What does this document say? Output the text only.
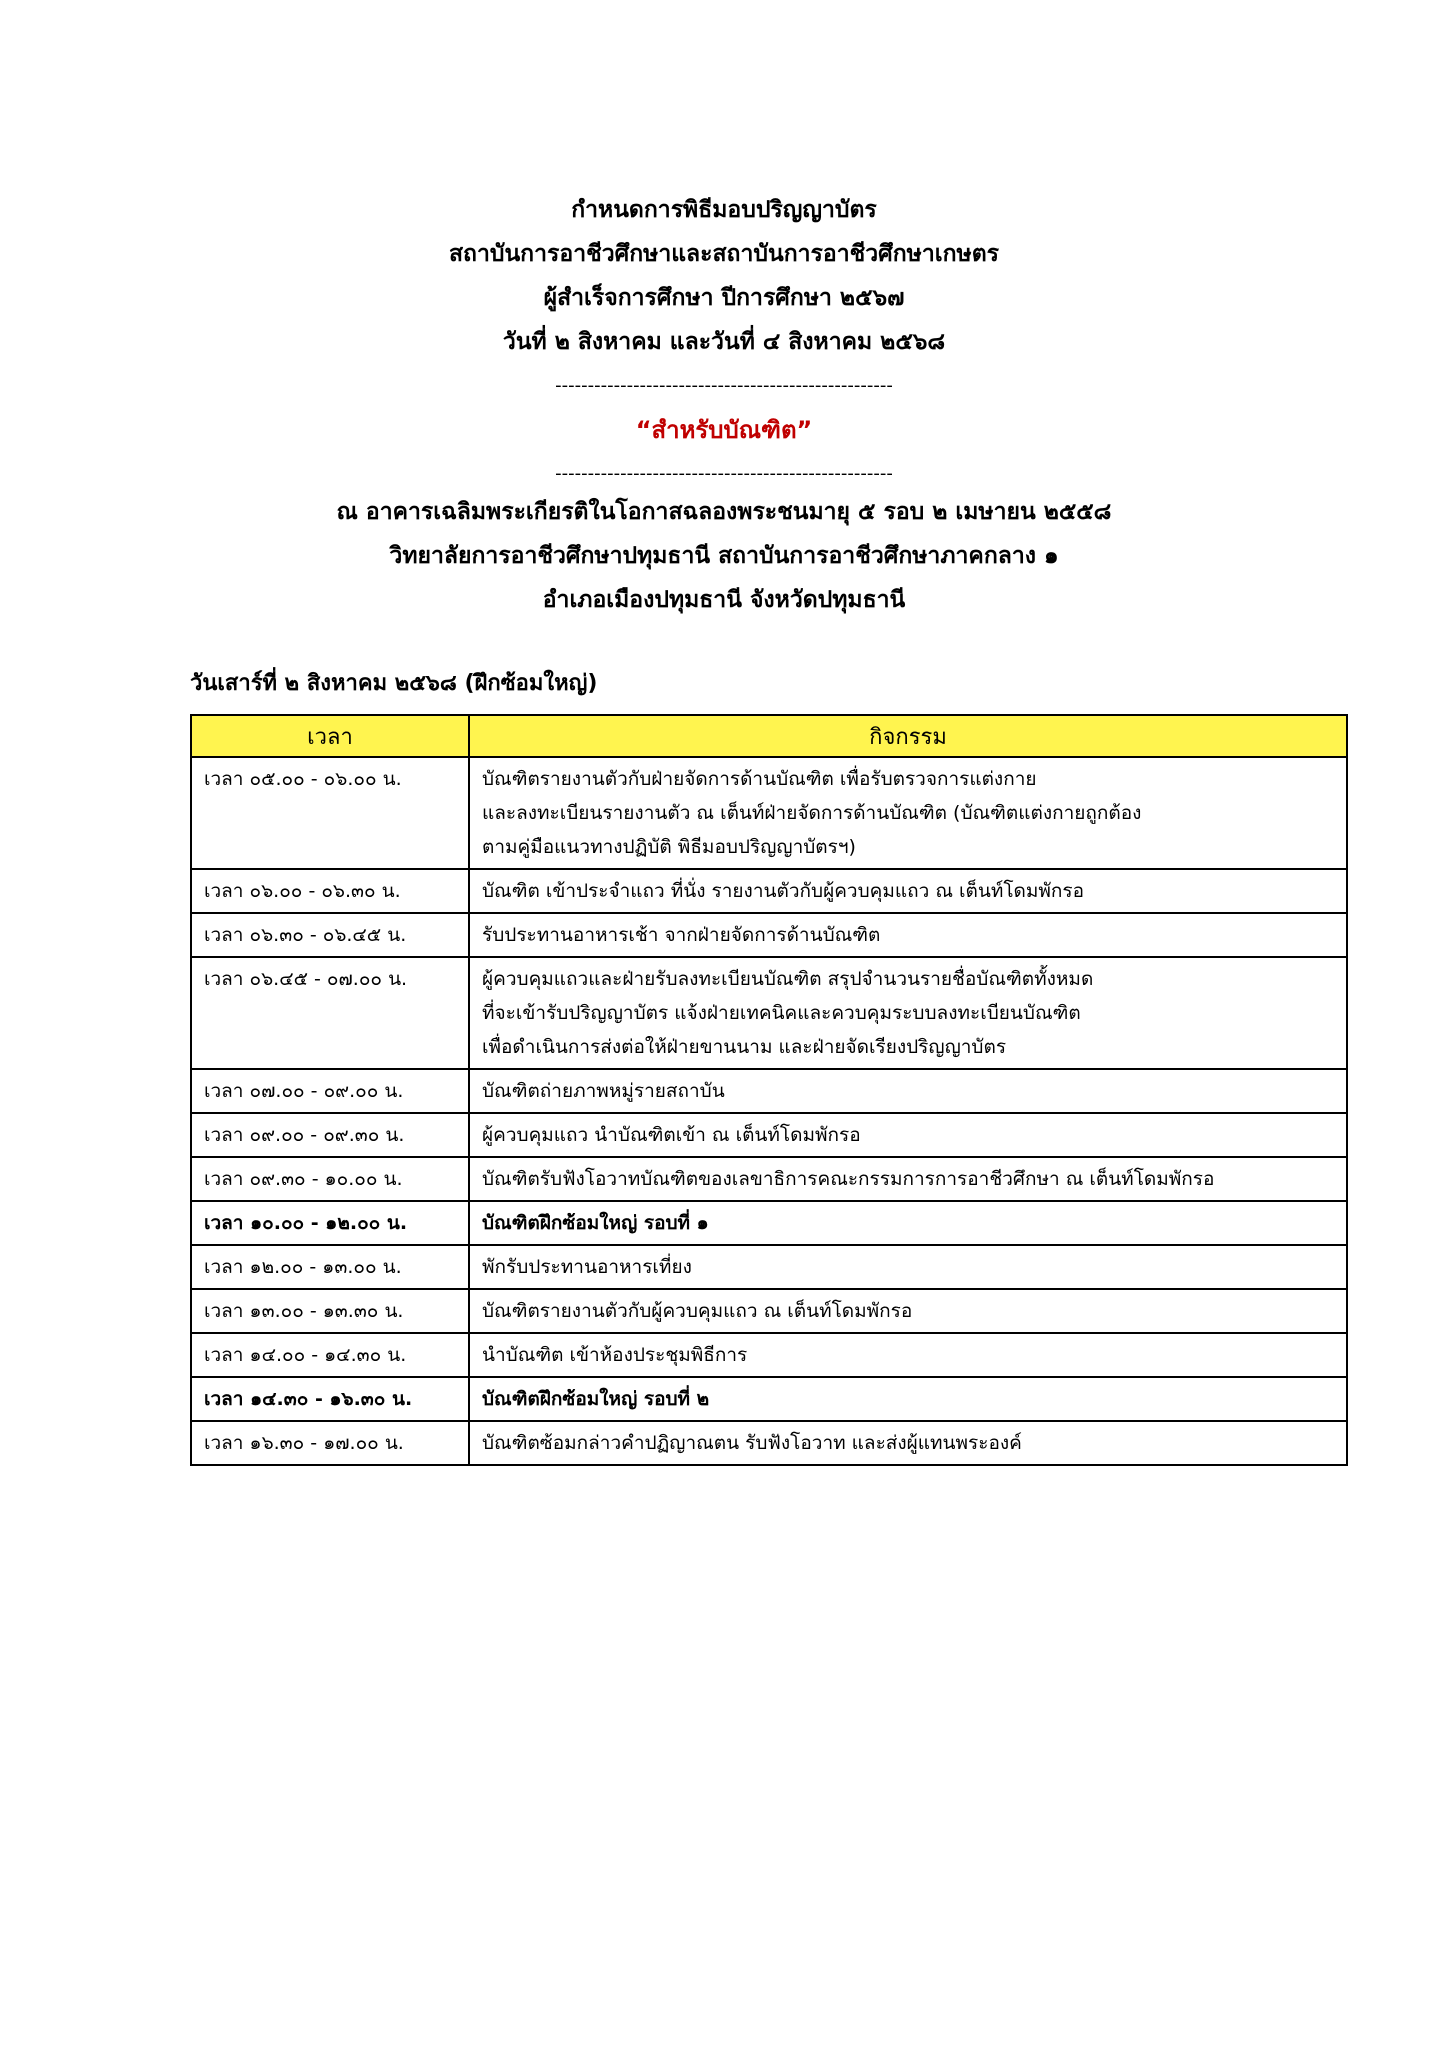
กำหนดการพิธีมอบปริญญาบัตร
สถาบันการอาชีวศึกษาและสถาบันการอาชีวศึกษาเกษตร
ผู้สำเร็จการศึกษา ปีการศึกษา ๒๕๖๗
วันที่ ๒ สิงหาคม และวันที่ ๔ สิงหาคม ๒๕๖๘
----------------------------------------------------
“สำหรับบัณฑิต”
----------------------------------------------------
ณ อาคารเฉลิมพระเกียรติในโอกาสฉลองพระชนมายุ ๕ รอบ ๒ เมษายน ๒๕๕๘
วิทยาลัยการอาชีวศึกษาปทุมธานี สถาบันการอาชีวศึกษาภาคกลาง ๑
อำเภอเมืองปทุมธานี จังหวัดปทุมธานี
วันเสาร์ที่ ๒ สิงหาคม ๒๕๖๘ (ฝึกซ้อมใหญ่)
เวลา	กิจกรรม
เวลา ๐๕.๐๐ - ๐๖.๐๐ น.	บัณฑิตรายงานตัวกับฝ่ายจัดการด้านบัณฑิต เพื่อรับตรวจการแต่งกาย
และลงทะเบียนรายงานตัว ณ เต็นท์ฝ่ายจัดการด้านบัณฑิต (บัณฑิตแต่งกายถูกต้อง
ตามคู่มือแนวทางปฏิบัติ พิธีมอบปริญญาบัตรฯ)

เวลา ๐๖.๐๐ - ๐๖.๓๐ น.	บัณฑิต เข้าประจำแถว ที่นั่ง รายงานตัวกับผู้ควบคุมแถว ณ เต็นท์โดมพักรอ

เวลา ๐๖.๓๐ - ๐๖.๔๕ น.	รับประทานอาหารเช้า จากฝ่ายจัดการด้านบัณฑิต

เวลา ๐๖.๔๕ - ๐๗.๐๐ น.	ผู้ควบคุมแถวและฝ่ายรับลงทะเบียนบัณฑิต สรุปจำนวนรายชื่อบัณฑิตทั้งหมด
ที่จะเข้ารับปริญญาบัตร แจ้งฝ่ายเทคนิคและควบคุมระบบลงทะเบียนบัณฑิต
เพื่อดำเนินการส่งต่อให้ฝ่ายขานนาม และฝ่ายจัดเรียงปริญญาบัตร

เวลา ๐๗.๐๐ - ๐๙.๐๐ น.	บัณฑิตถ่ายภาพหมู่รายสถาบัน

เวลา ๐๙.๐๐ - ๐๙.๓๐ น.	ผู้ควบคุมแถว นำบัณฑิตเข้า ณ เต็นท์โดมพักรอ

เวลา ๐๙.๓๐ - ๑๐.๐๐ น.	บัณฑิตรับฟังโอวาทบัณฑิตของเลขาธิการคณะกรรมการการอาชีวศึกษา ณ เต็นท์โดมพักรอ

เวลา ๑๐.๐๐ - ๑๒.๐๐ น.	บัณฑิตฝึกซ้อมใหญ่ รอบที่ ๑

เวลา ๑๒.๐๐ - ๑๓.๐๐ น.	พักรับประทานอาหารเที่ยง

เวลา ๑๓.๐๐ - ๑๓.๓๐ น.	บัณฑิตรายงานตัวกับผู้ควบคุมแถว ณ เต็นท์โดมพักรอ

เวลา ๑๔.๐๐ - ๑๔.๓๐ น.	นำบัณฑิต เข้าห้องประชุมพิธีการ

เวลา ๑๔.๓๐ - ๑๖.๓๐ น.	บัณฑิตฝึกซ้อมใหญ่ รอบที่ ๒

เวลา ๑๖.๓๐ - ๑๗.๐๐ น.	บัณฑิตซ้อมกล่าวคำปฏิญาณตน รับฟังโอวาท และส่งผู้แทนพระองค์
